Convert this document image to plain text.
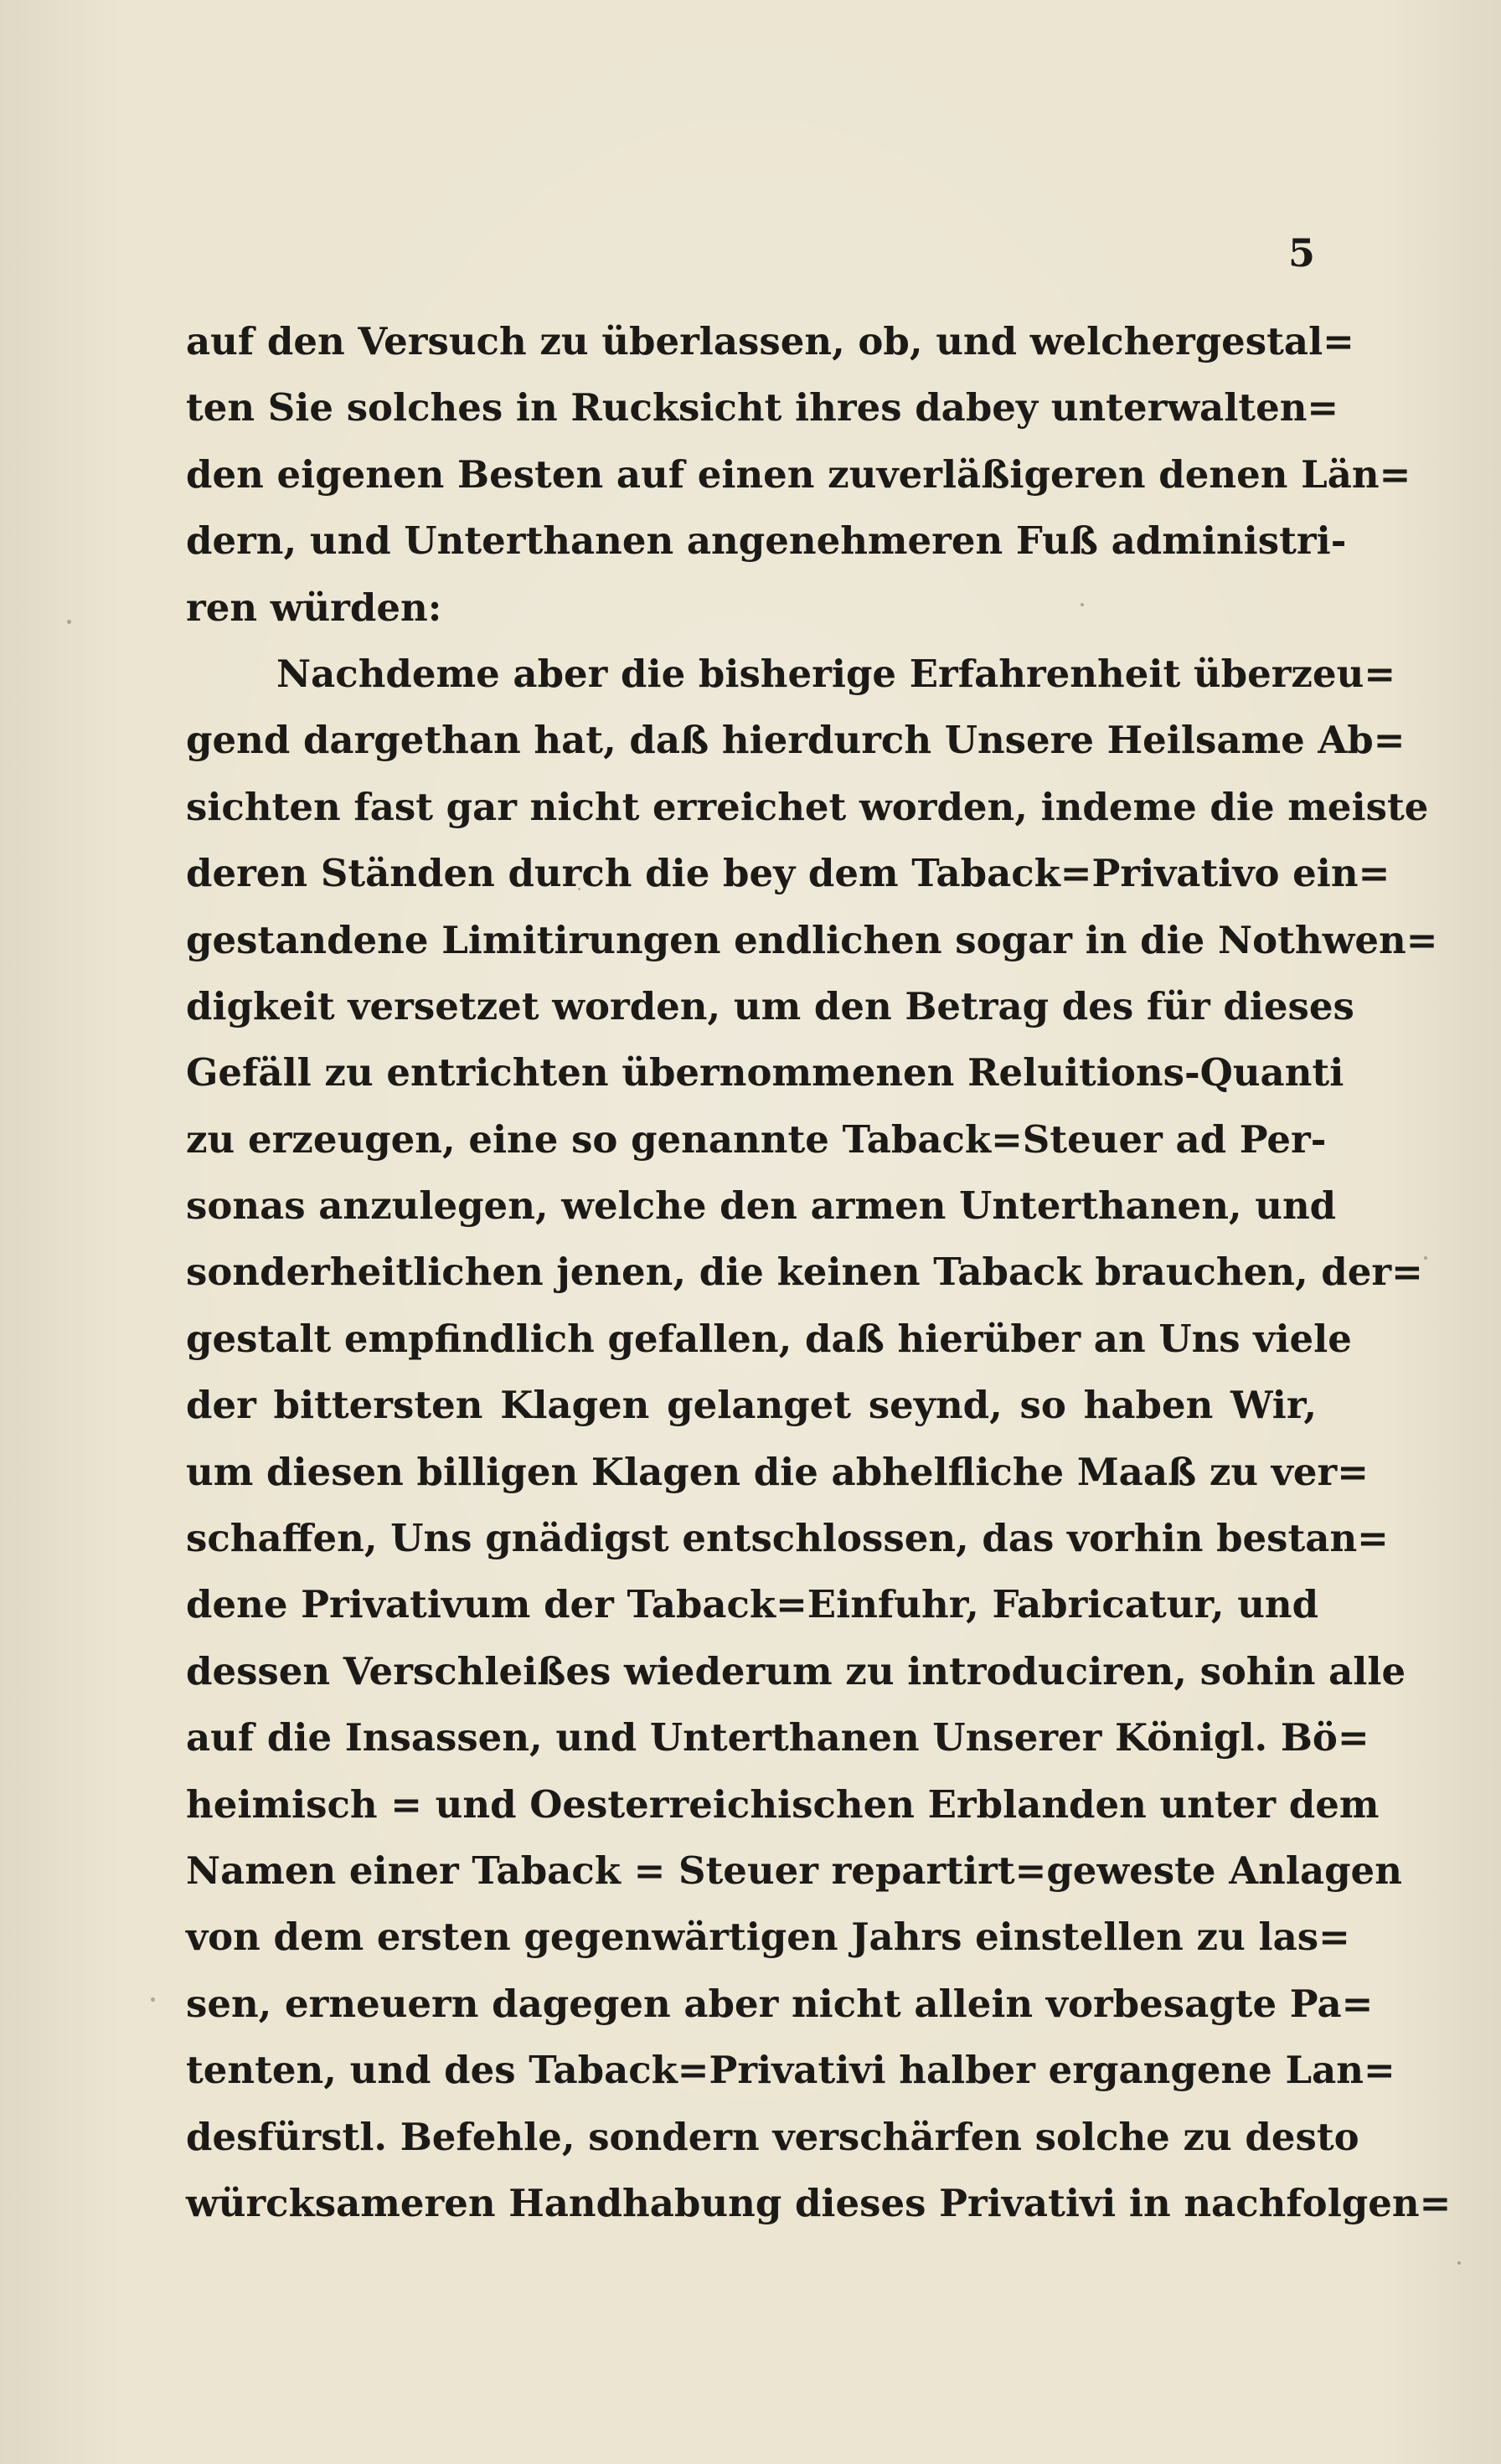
5
auf den Versuch zu überlassen, ob, und welchergestal=
ten Sie solches in Rucksicht ihres dabey unterwalten=
den eigenen Besten auf einen zuverläßigeren denen Län=
dern, und Unterthanen angenehmeren Fuß administri-
ren würden:
Nachdeme aber die bisherige Erfahrenheit überzeu=
gend dargethan hat, daß hierdurch Unsere Heilsame Ab=
sichten fast gar nicht erreichet worden, indeme die meiste
deren Ständen durch die bey dem Taback=Privativo ein=
gestandene Limitirungen endlichen sogar in die Nothwen=
digkeit versetzet worden, um den Betrag des für dieses
Gefäll zu entrichten übernommenen Reluitions-Quanti
zu erzeugen, eine so genannte Taback=Steuer ad Per-
sonas anzulegen, welche den armen Unterthanen, und
sonderheitlichen jenen, die keinen Taback brauchen, der=
gestalt empfindlich gefallen, daß hierüber an Uns viele
der bittersten Klagen gelanget seynd, so haben Wir,
um diesen billigen Klagen die abhelfliche Maaß zu ver=
schaffen, Uns gnädigst entschlossen, das vorhin bestan=
dene Privativum der Taback=Einfuhr, Fabricatur, und
dessen Verschleißes wiederum zu introduciren, sohin alle
auf die Insassen, und Unterthanen Unserer Königl. Bö=
heimisch = und Oesterreichischen Erblanden unter dem
Namen einer Taback = Steuer repartirt=geweste Anlagen
von dem ersten gegenwärtigen Jahrs einstellen zu las=
sen, erneuern dagegen aber nicht allein vorbesagte Pa=
tenten, und des Taback=Privativi halber ergangene Lan=
desfürstl. Befehle, sondern verschärfen solche zu desto
würcksameren Handhabung dieses Privativi in nachfolgen=
